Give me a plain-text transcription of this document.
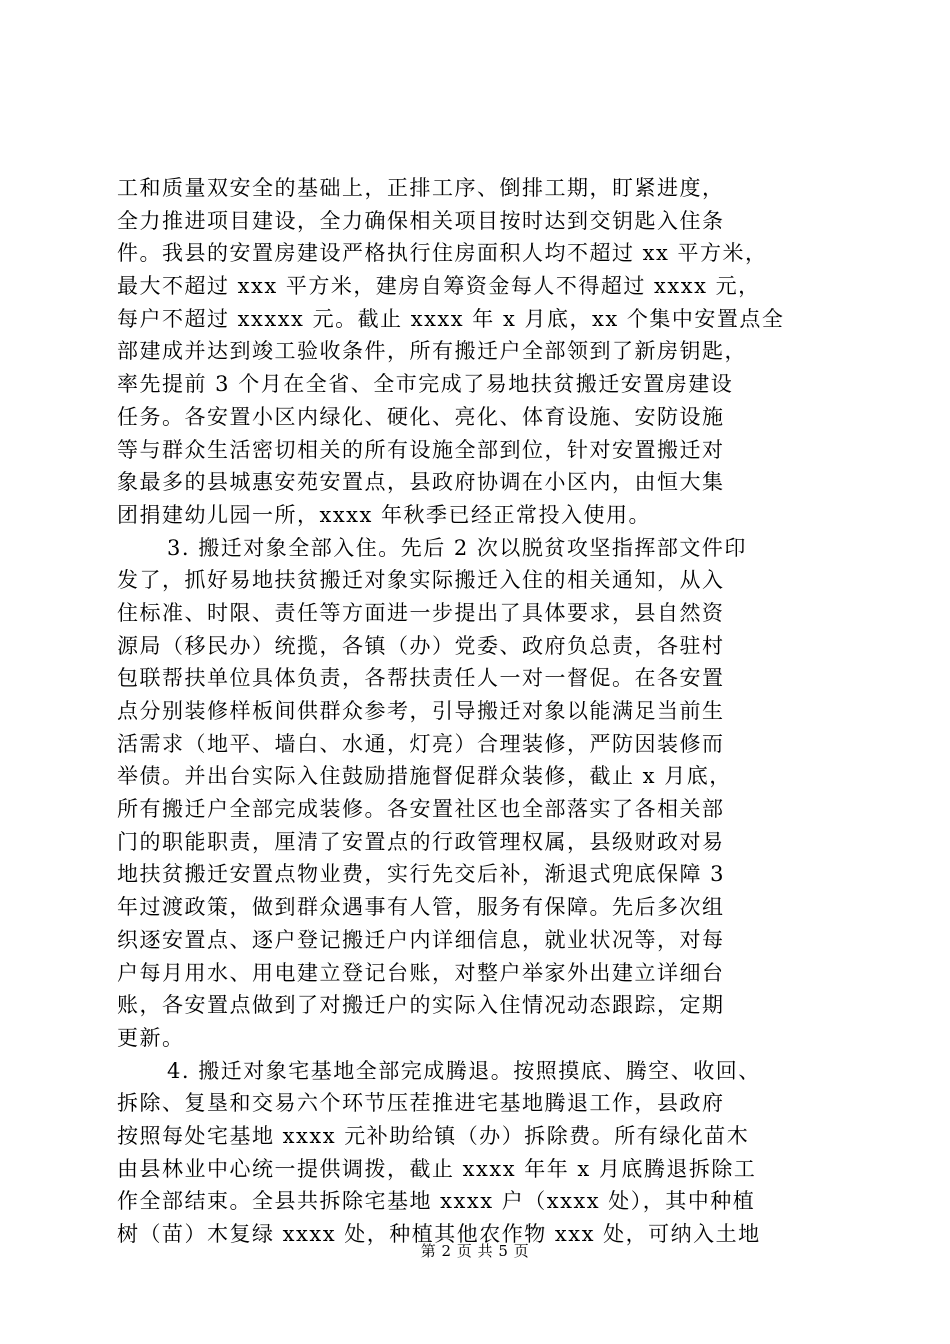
工和质量双安全的基础上，正排工序、倒排工期，盯紧进度，
全力推进项目建设，全力确保相关项目按时达到交钥匙入住条
件。我县的安置房建设严格执行住房面积人均不超过 xx 平方米，
最大不超过 xxx 平方米，建房自筹资金每人不得超过 xxxx 元，
每户不超过 xxxxx 元。截止 xxxx 年 x 月底，xx 个集中安置点全
部建成并达到竣工验收条件，所有搬迁户全部领到了新房钥匙，
率先提前 3 个月在全省、全市完成了易地扶贫搬迁安置房建设
任务。各安置小区内绿化、硬化、亮化、体育设施、安防设施
等与群众生活密切相关的所有设施全部到位，针对安置搬迁对
象最多的县城惠安苑安置点，县政府协调在小区内，由恒大集
团捐建幼儿园一所，xxxx 年秋季已经正常投入使用。
3. 搬迁对象全部入住。先后 2 次以脱贫攻坚指挥部文件印
发了，抓好易地扶贫搬迁对象实际搬迁入住的相关通知，从入
住标准、时限、责任等方面进一步提出了具体要求，县自然资
源局（移民办）统揽，各镇（办）党委、政府负总责，各驻村
包联帮扶单位具体负责，各帮扶责任人一对一督促。在各安置
点分别装修样板间供群众参考，引导搬迁对象以能满足当前生
活需求（地平、墙白、水通，灯亮）合理装修，严防因装修而
举债。并出台实际入住鼓励措施督促群众装修，截止 x 月底，
所有搬迁户全部完成装修。各安置社区也全部落实了各相关部
门的职能职责，厘清了安置点的行政管理权属，县级财政对易
地扶贫搬迁安置点物业费，实行先交后补，渐退式兜底保障 3
年过渡政策，做到群众遇事有人管，服务有保障。先后多次组
织逐安置点、逐户登记搬迁户内详细信息，就业状况等，对每
户每月用水、用电建立登记台账，对整户举家外出建立详细台
账，各安置点做到了对搬迁户的实际入住情况动态跟踪，定期
更新。
4. 搬迁对象宅基地全部完成腾退。按照摸底、腾空、收回、
拆除、复垦和交易六个环节压茬推进宅基地腾退工作，县政府
按照每处宅基地 xxxx 元补助给镇（办）拆除费。所有绿化苗木
由县林业中心统一提供调拨，截止 xxxx 年年 x 月底腾退拆除工
作全部结束。全县共拆除宅基地 xxxx 户（xxxx 处），其中种植
树（苗）木复绿 xxxx 处，种植其他农作物 xxx 处，可纳入土地
第 2 页 共 5 页
